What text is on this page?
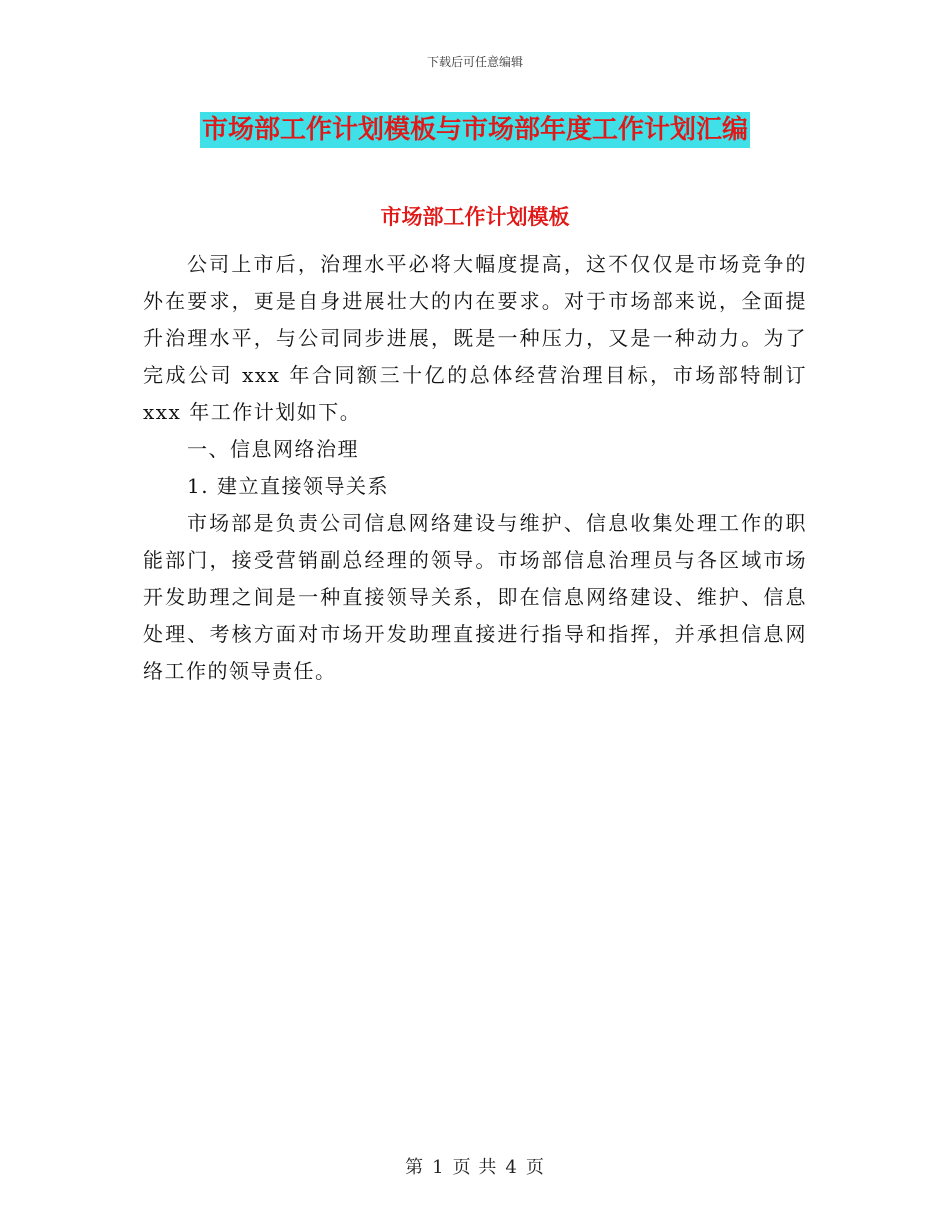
下载后可任意编辑
市场部工作计划模板与市场部年度工作计划汇编
市场部工作计划模板

公司上市后，治理水平必将大幅度提高，这不仅仅是市场竞争的外在要求，更是自身进展壮大的内在要求。对于市场部来说，全面提升治理水平，与公司同步进展，既是一种压力，又是一种动力。为了完成公司 xxx 年合同额三十亿的总体经营治理目标，市场部特制订 xxx 年工作计划如下。

一、信息网络治理

1. 建立直接领导关系

市场部是负责公司信息网络建设与维护、信息收集处理工作的职能部门，接受营销副总经理的领导。市场部信息治理员与各区域市场开发助理之间是一种直接领导关系，即在信息网络建设、维护、信息处理、考核方面对市场开发助理直接进行指导和指挥，并承担信息网络工作的领导责任。

第 1 页 共 4 页
